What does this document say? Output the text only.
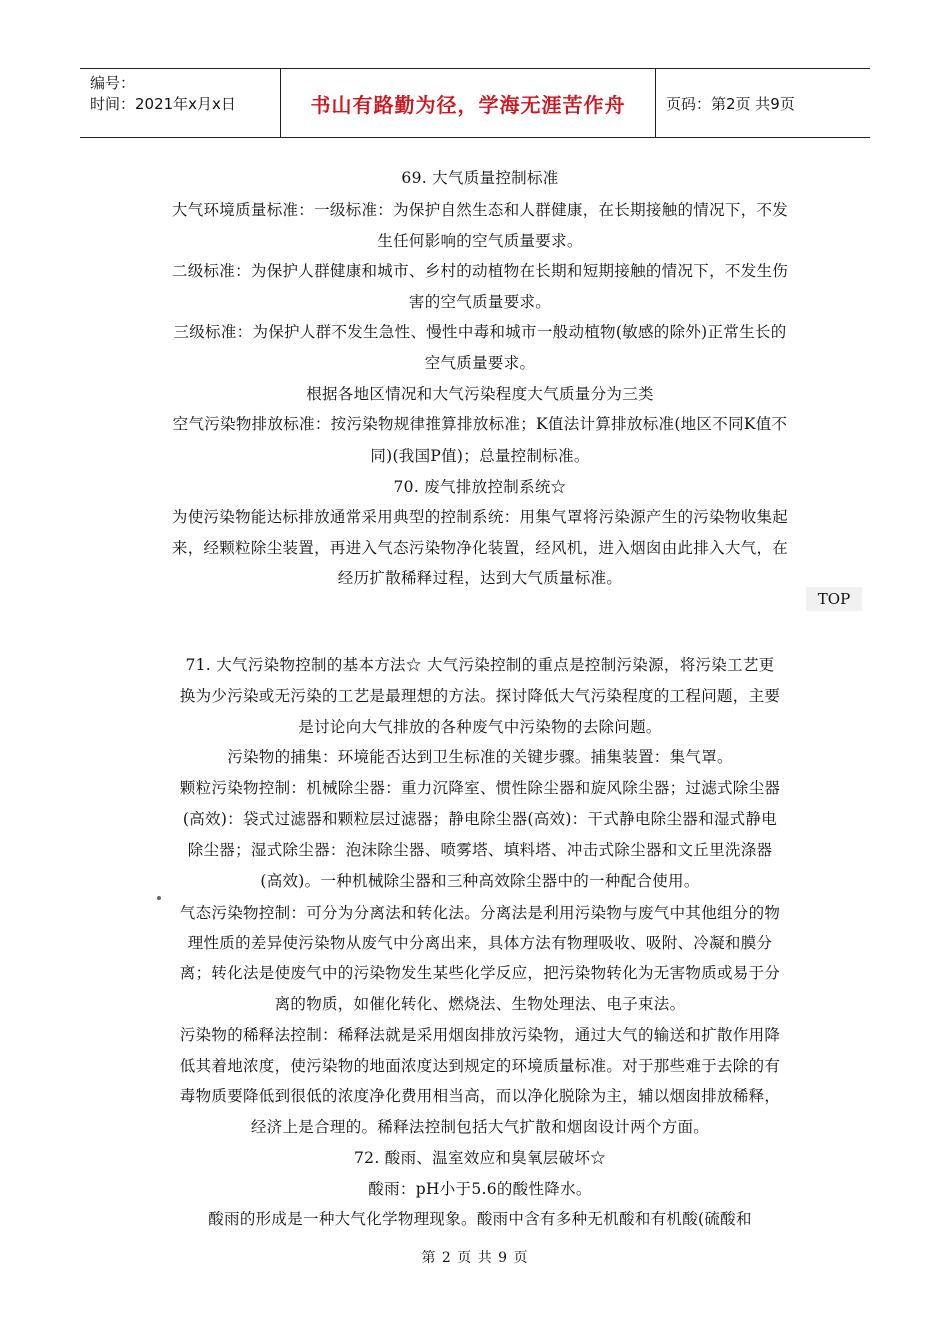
编号：
时间：2021年x月x日	书山有路勤为径，学海无涯苦作舟	页码：第2页 共9页
69. 大气质量控制标准
大气环境质量标准：一级标准：为保护自然生态和人群健康，在长期接触的情况下，不发
生任何影响的空气质量要求。
二级标准：为保护人群健康和城市、乡村的动植物在长期和短期接触的情况下，不发生伤
害的空气质量要求。
三级标准：为保护人群不发生急性、慢性中毒和城市一般动植物(敏感的除外)正常生长的
空气质量要求。
根据各地区情况和大气污染程度大气质量分为三类
空气污染物排放标准：按污染物规律推算排放标准；K值法计算排放标准(地区不同K值不
同)(我国P值)；总量控制标准。
70. 废气排放控制系统☆
为使污染物能达标排放通常采用典型的控制系统：用集气罩将污染源产生的污染物收集起
来，经颗粒除尘装置，再进入气态污染物净化装置，经风机，进入烟囱由此排入大气，在
经历扩散稀释过程，达到大气质量标准。
71. 大气污染物控制的基本方法☆ 大气污染控制的重点是控制污染源，将污染工艺更
换为少污染或无污染的工艺是最理想的方法。探讨降低大气污染程度的工程问题，主要
是讨论向大气排放的各种废气中污染物的去除问题。
污染物的捕集：环境能否达到卫生标准的关键步骤。捕集装置：集气罩。
颗粒污染物控制：机械除尘器：重力沉降室、惯性除尘器和旋风除尘器；过滤式除尘器
(高效)：袋式过滤器和颗粒层过滤器；静电除尘器(高效)：干式静电除尘器和湿式静电
除尘器；湿式除尘器：泡沫除尘器、喷雾塔、填料塔、冲击式除尘器和文丘里洗涤器
(高效)。一种机械除尘器和三种高效除尘器中的一种配合使用。
气态污染物控制：可分为分离法和转化法。分离法是利用污染物与废气中其他组分的物
理性质的差异使污染物从废气中分离出来，具体方法有物理吸收、吸附、冷凝和膜分
离；转化法是使废气中的污染物发生某些化学反应，把污染物转化为无害物质或易于分
离的物质，如催化转化、燃烧法、生物处理法、电子束法。
污染物的稀释法控制：稀释法就是采用烟囱排放污染物，通过大气的输送和扩散作用降
低其着地浓度，使污染物的地面浓度达到规定的环境质量标准。对于那些难于去除的有
毒物质要降低到很低的浓度净化费用相当高，而以净化脱除为主，辅以烟囱排放稀释，
经济上是合理的。稀释法控制包括大气扩散和烟囱设计两个方面。
72. 酸雨、温室效应和臭氧层破坏☆
酸雨：pH小于5.6的酸性降水。
酸雨的形成是一种大气化学物理现象。酸雨中含有多种无机酸和有机酸(硫酸和
TOP
第 2 页 共 9 页
